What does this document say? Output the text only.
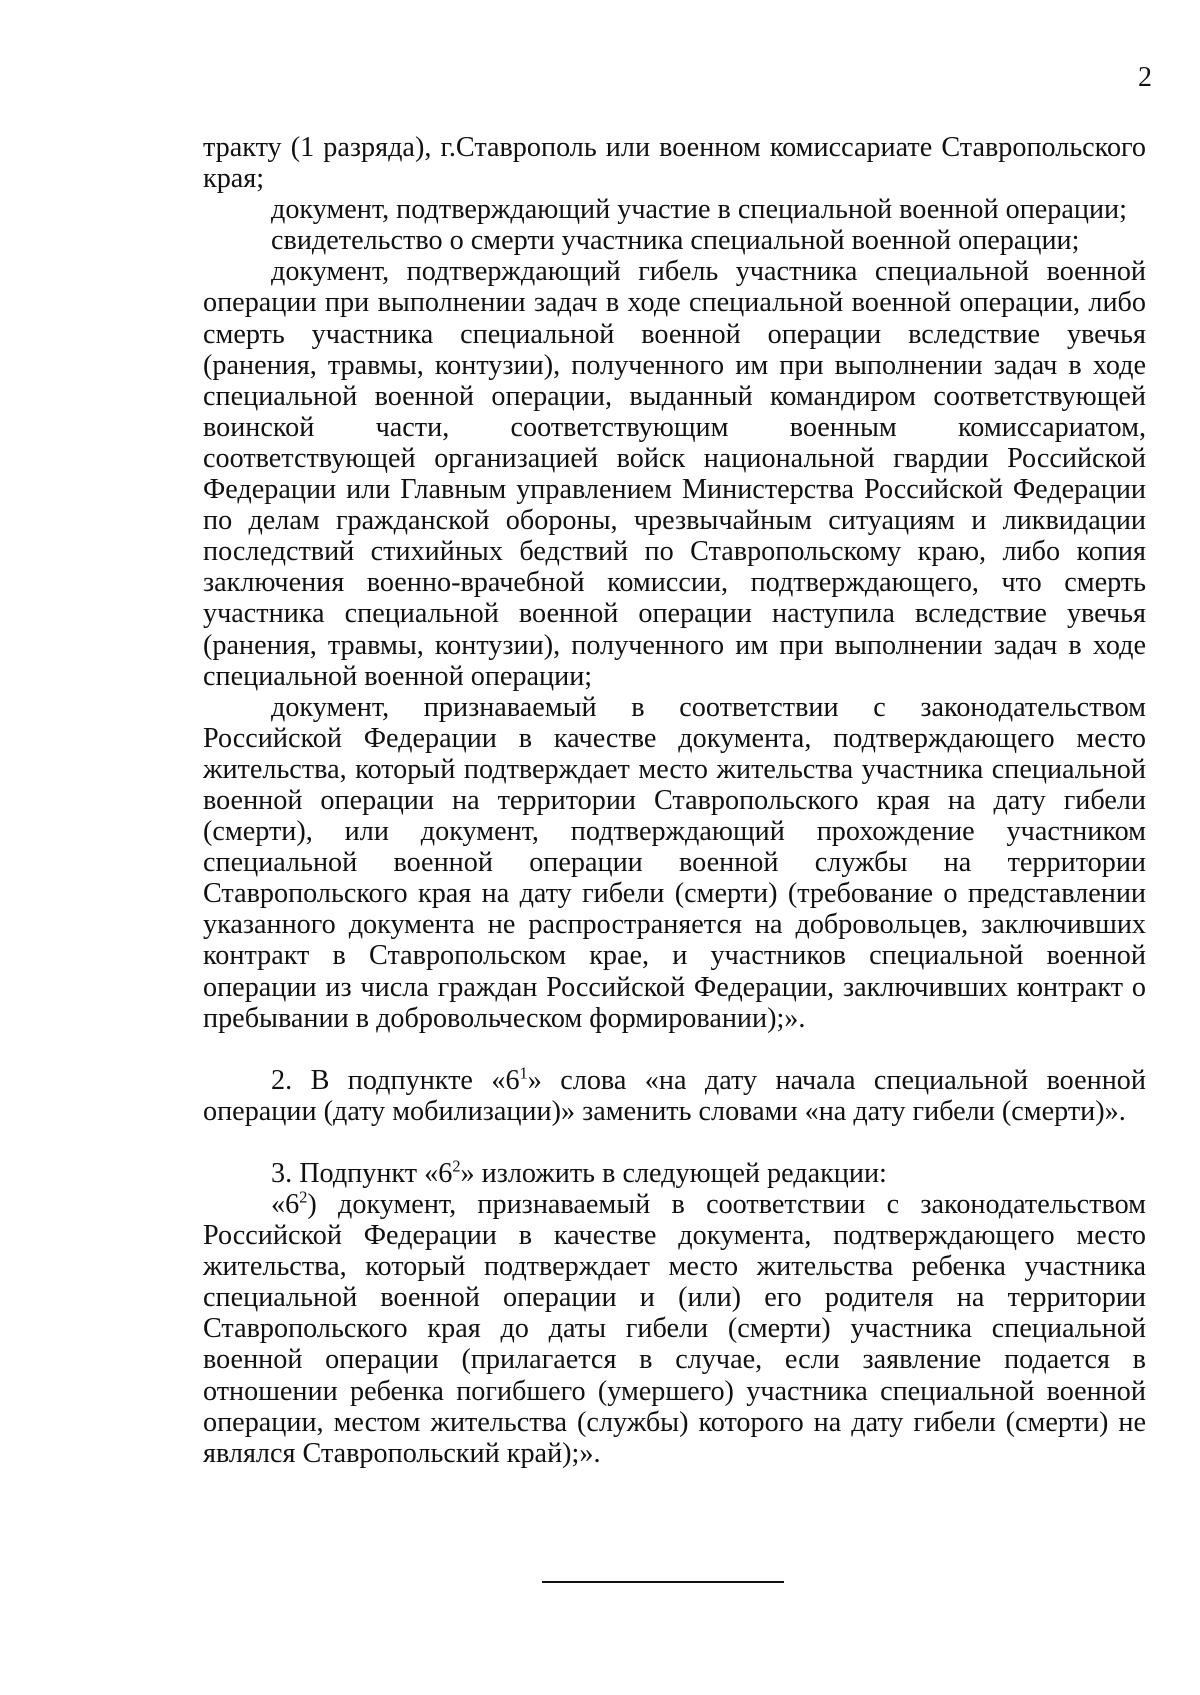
2

тракту (1 разряда), г.Ставрополь или военном комиссариате Ставропольского края;

документ, подтверждающий участие в специальной военной операции;

свидетельство о смерти участника специальной военной операции;

документ, подтверждающий гибель участника специальной военной операции при выполнении задач в ходе специальной военной операции, либо смерть участника специальной военной операции вследствие увечья (ранения, травмы, контузии), полученного им при выполнении задач в ходе специальной военной операции, выданный командиром соответствующей воинской части, соответствующим военным комиссариатом, соответствующей организацией войск национальной гвардии Российской Федерации или Главным управлением Министерства Российской Федерации по делам гражданской обороны, чрезвычайным ситуациям и ликвидации последствий стихийных бедствий по Ставропольскому краю, либо копия заключения военно-врачебной комиссии, подтверждающего, что смерть участника специальной военной операции наступила вследствие увечья (ранения, травмы, контузии), полученного им при выполнении задач в ходе специальной военной операции;

документ, признаваемый в соответствии с законодательством Российской Федерации в качестве документа, подтверждающего место жительства, который подтверждает место жительства участника специальной военной операции на территории Ставропольского края на дату гибели (смерти), или документ, подтверждающий прохождение участником специальной военной операции военной службы на территории Ставропольского края на дату гибели (смерти) (требование о представлении указанного документа не распространяется на добровольцев, заключивших контракт в Ставропольском крае, и участников специальной военной операции из числа граждан Российской Федерации, заключивших контракт о пребывании в добровольческом формировании);».

2. В подпункте «$6^1$» слова «на дату начала специальной военной операции (дату мобилизации)» заменить словами «на дату гибели (смерти)».

3. Подпункт «$6^2$» изложить в следующей редакции:

«$6^2$) документ, признаваемый в соответствии с законодательством Российской Федерации в качестве документа, подтверждающего место жительства, который подтверждает место жительства ребенка участника специальной военной операции и (или) его родителя на территории Ставропольского края до даты гибели (смерти) участника специальной военной операции (прилагается в случае, если заявление подается в отношении ребенка погибшего (умершего) участника специальной военной операции, местом жительства (службы) которого на дату гибели (смерти) не являлся Ставропольский край);».
